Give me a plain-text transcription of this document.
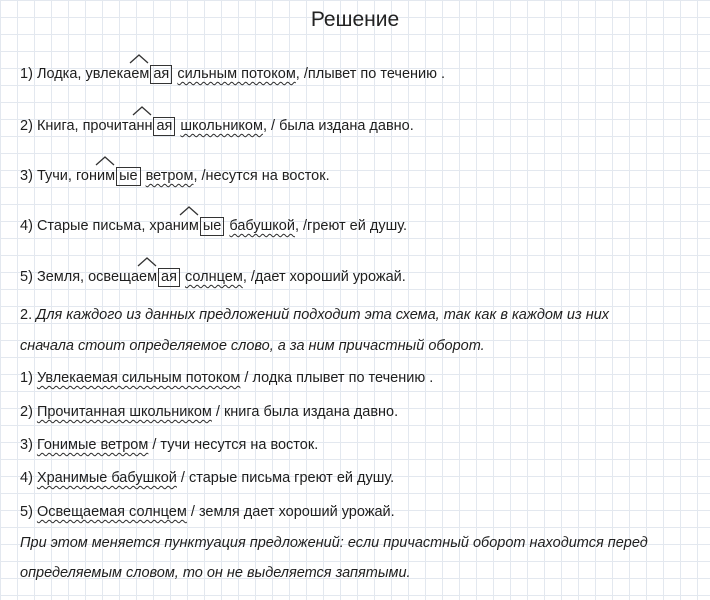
Решение
1) Лодка, увлекаем ая сильным потоком, /плывет по течению .
2) Книга, прочитанн ая школьником, / была издана давно.
3) Тучи, гоним ые ветром, /несутся на восток.
4) Старые письма, храним ые бабушкой, /греют ей душу.
5) Земля, освещаем ая солнцем, /дает хороший урожай.
2. Для каждого из данных предложений подходит эта схема, так как в каждом из них
сначала стоит определяемое слово, а за ним причастный оборот.
1) Увлекаемая сильным потоком / лодка плывет по течению .
2) Прочитанная школьником / книга была издана давно.
3) Гонимые ветром / тучи несутся на восток.
4) Хранимые бабушкой / старые письма греют ей душу.
5) Освещаемая солнцем / земля дает хороший урожай.
При этом меняется пунктуация предложений: если причастный оборот находится перед
определяемым словом, то он не выделяется запятыми.
